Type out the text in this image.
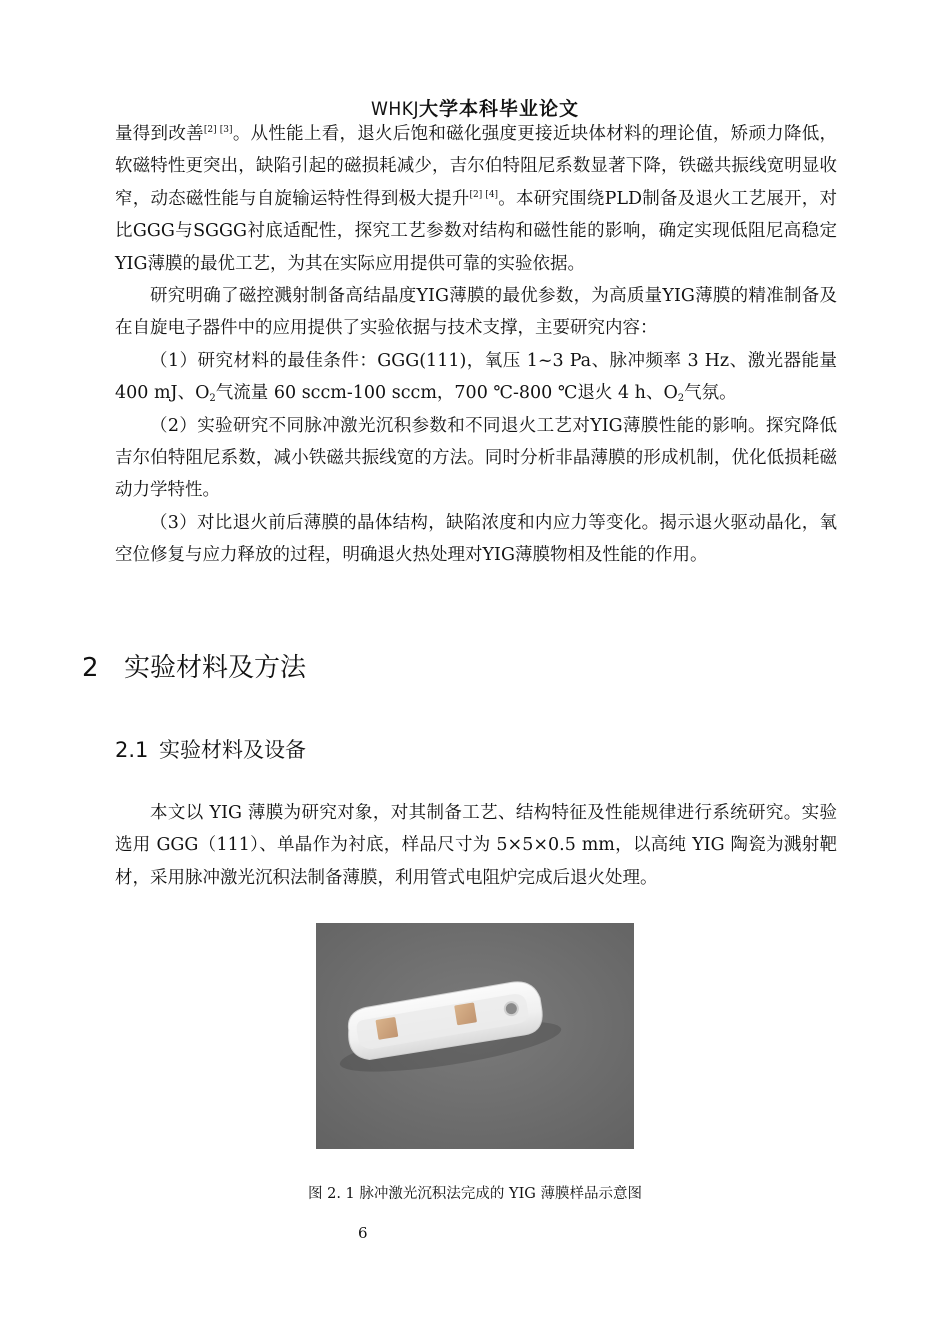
WHKJ大学本科毕业论文

量得到改善[2] [3]。从性能上看，退火后饱和磁化强度更接近块体材料的理论值，矫顽力降低，软磁特性更突出，缺陷引起的磁损耗减少，吉尔伯特阻尼系数显著下降，铁磁共振线宽明显收窄，动态磁性能与自旋输运特性得到极大提升[2] [4]。本研究围绕PLD制备及退火工艺展开，对比GGG与SGGG衬底适配性，探究工艺参数对结构和磁性能的影响，确定实现低阻尼高稳定YIG薄膜的最优工艺，为其在实际应用提供可靠的实验依据。

研究明确了磁控溅射制备高结晶度YIG薄膜的最优参数，为高质量YIG薄膜的精准制备及在自旋电子器件中的应用提供了实验依据与技术支撑，主要研究内容：

（1）研究材料的最佳条件：GGG(111)，氧压 1~3 Pa、脉冲频率 3 Hz、激光器能量 400 mJ、$O_2$气流量 60 sccm-100 sccm，700 ℃-800 ℃退火 4 h、$O_2$气氛。

（2）实验研究不同脉冲激光沉积参数和不同退火工艺对YIG薄膜性能的影响。探究降低吉尔伯特阻尼系数，减小铁磁共振线宽的方法。同时分析非晶薄膜的形成机制，优化低损耗磁动力学特性。

（3）对比退火前后薄膜的晶体结构，缺陷浓度和内应力等变化。揭示退火驱动晶化，氧空位修复与应力释放的过程，明确退火热处理对YIG薄膜物相及性能的作用。

2 实验材料及方法
2.1 实验材料及设备

本文以 YIG 薄膜为研究对象，对其制备工艺、结构特征及性能规律进行系统研究。实验选用 GGG（111）、单晶作为衬底，样品尺寸为 5×5×0.5 mm，以高纯 YIG 陶瓷为溅射靶材，采用脉冲激光沉积法制备薄膜，利用管式电阻炉完成后退火处理。

图 2. 1 脉冲激光沉积法完成的 YIG 薄膜样品示意图
6
